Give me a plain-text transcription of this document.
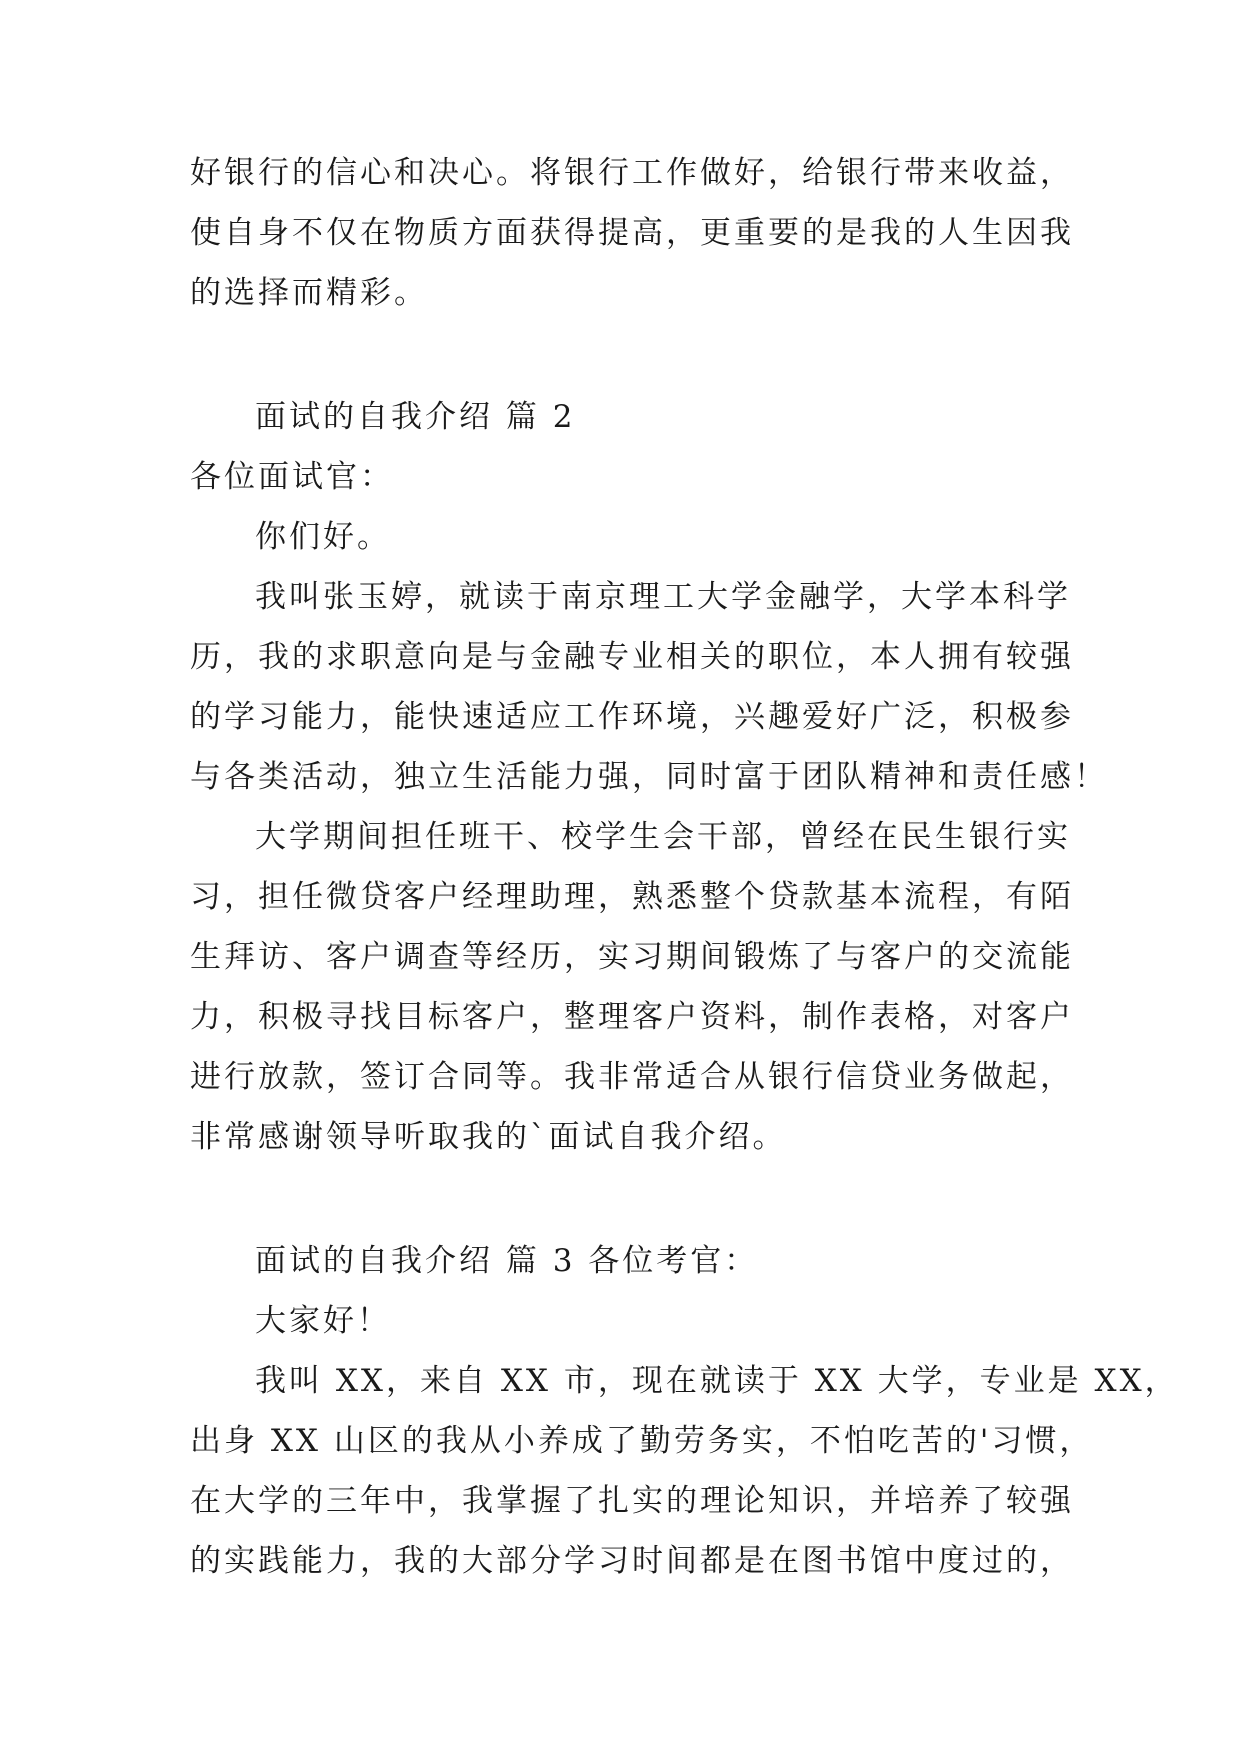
好银行的信心和决心。将银行工作做好，给银行带来收益，
使自身不仅在物质方面获得提高，更重要的是我的人生因我
的选择而精彩。
面试的自我介绍 篇 2
各位面试官：
你们好。
我叫张玉婷，就读于南京理工大学金融学，大学本科学
历，我的求职意向是与金融专业相关的职位，本人拥有较强
的学习能力，能快速适应工作环境，兴趣爱好广泛，积极参
与各类活动，独立生活能力强，同时富于团队精神和责任感！
大学期间担任班干、校学生会干部，曾经在民生银行实
习，担任微贷客户经理助理，熟悉整个贷款基本流程，有陌
生拜访、客户调查等经历，实习期间锻炼了与客户的交流能
力，积极寻找目标客户，整理客户资料，制作表格，对客户
进行放款，签订合同等。我非常适合从银行信贷业务做起，
非常感谢领导听取我的`面试自我介绍。
面试的自我介绍 篇 3 各位考官：
大家好！
我叫 XX，来自 XX 市，现在就读于 XX 大学，专业是 XX，
出身 XX 山区的我从小养成了勤劳务实，不怕吃苦的'习惯，
在大学的三年中，我掌握了扎实的理论知识，并培养了较强
的实践能力，我的大部分学习时间都是在图书馆中度过的，
